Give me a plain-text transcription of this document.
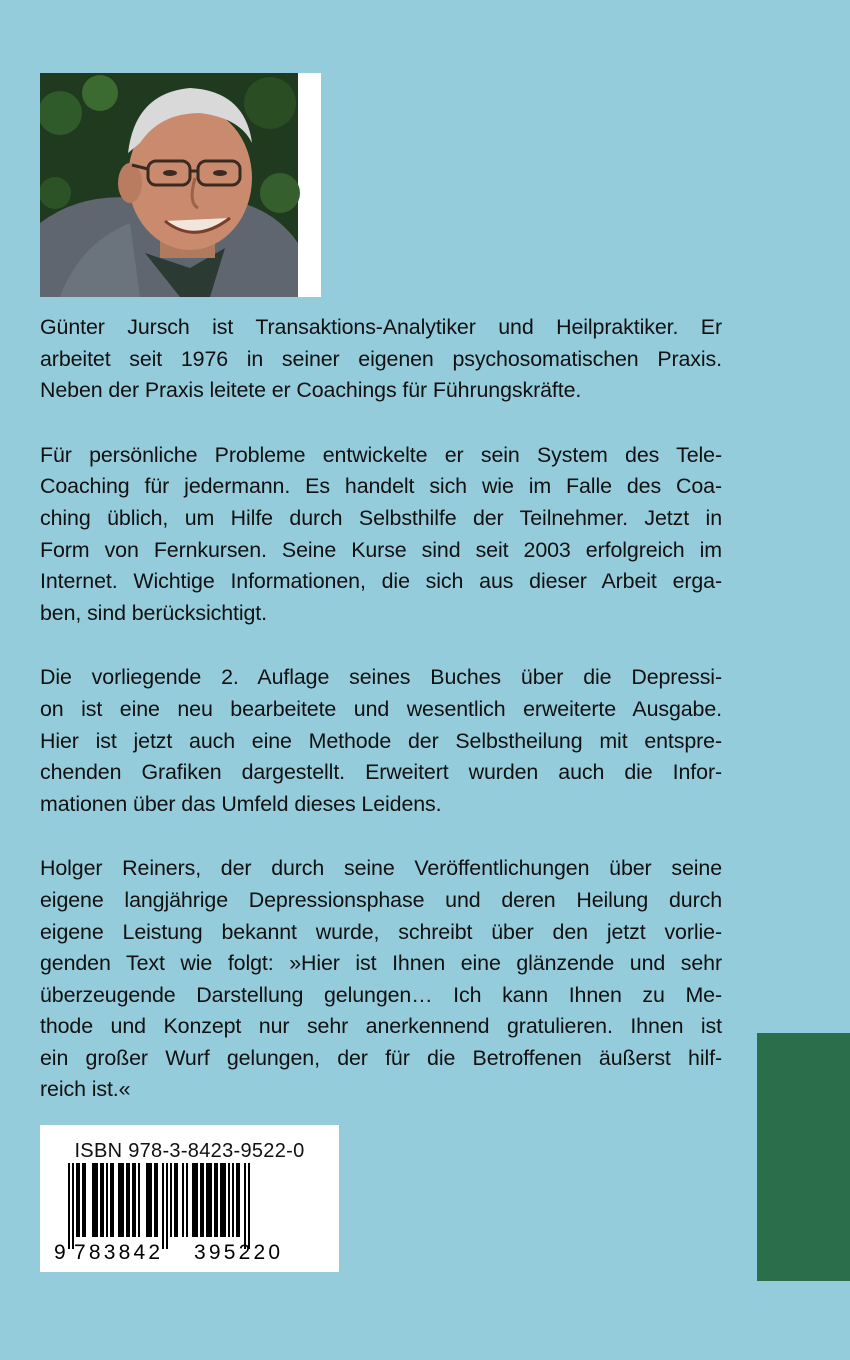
Günter Jursch ist Transaktions-Analytiker und Heilpraktiker. Er
arbeitet seit 1976 in seiner eigenen psychosomatischen Praxis.
Neben der Praxis leitete er Coachings für Führungskräfte.
Für persönliche Probleme entwickelte er sein System des Tele-
Coaching für jedermann. Es handelt sich wie im Falle des Coa-
ching üblich, um Hilfe durch Selbsthilfe der Teilnehmer. Jetzt in
Form von Fernkursen. Seine Kurse sind seit 2003 erfolgreich im
Internet. Wichtige Informationen, die sich aus dieser Arbeit erga-
ben, sind berücksichtigt.
Die vorliegende 2. Auflage seines Buches über die Depressi-
on ist eine neu bearbeitete und wesentlich erweiterte Ausgabe.
Hier ist jetzt auch eine Methode der Selbstheilung mit entspre-
chenden Grafiken dargestellt. Erweitert wurden auch die Infor-
mationen über das Umfeld dieses Leidens.
Holger Reiners, der durch seine Veröffentlichungen über seine
eigene langjährige Depressionsphase und deren Heilung durch
eigene Leistung bekannt wurde, schreibt über den jetzt vorlie-
genden Text wie folgt: »Hier ist Ihnen eine glänzende und sehr
überzeugende Darstellung gelungen… Ich kann Ihnen zu Me-
thode und Konzept nur sehr anerkennend gratulieren. Ihnen ist
ein großer Wurf gelungen, der für die Betroffenen äußerst hilf-
reich ist.«
ISBN 978-3-8423-9522-0
9 783842 395220
